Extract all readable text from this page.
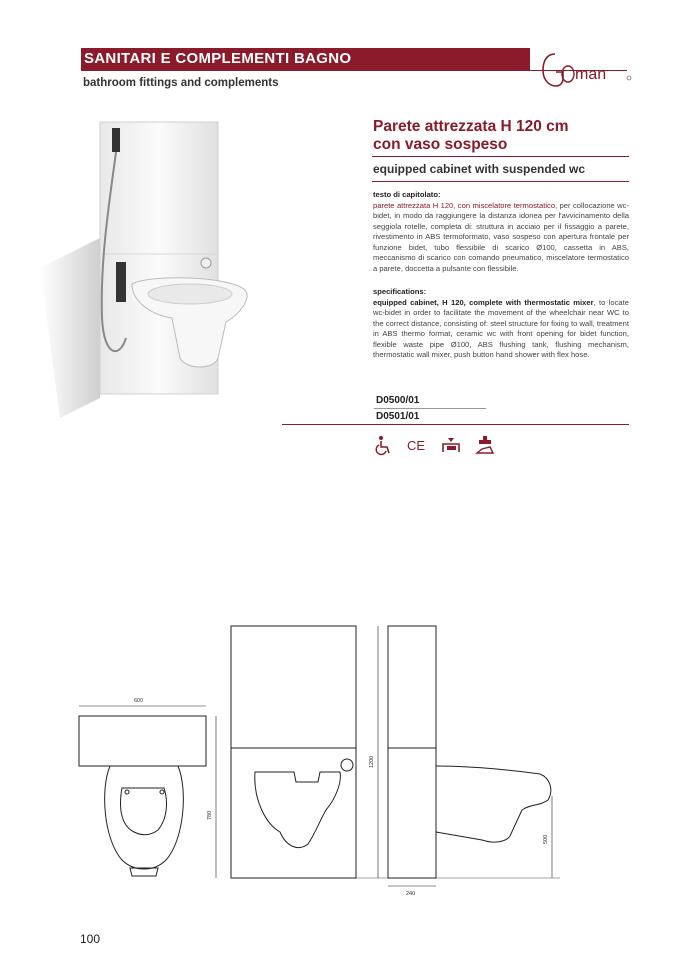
SANITARI E COMPLEMENTI BAGNO
bathroom fittings and complements	man
Parete attrezzata H 120 cm
con vaso sospeso
equipped cabinet with suspended wc
testo di capitolato:
parete attrezzata H 120, con miscelatore termostatico, per collocazione wc-bidet, in modo da raggiungere la distanza idonea per l'avvicinamento della seggiola rotelle, completa di: struttura in acciaio per il fissaggio a parete, rivestimento in ABS termoformato, vaso sospeso con apertura frontale per funzione bidet, tubo flessibile di scarico Ø100, cassetta in ABS, meccanismo di scarico con comando pneumatico, miscelatore termostatico a parete, doccetta a pulsante con flessibile.
specifications:
equipped cabinet, H 120, complete with thermostatic mixer, to locate wc-bidet in order to facilitate the movement of the wheelchair near WC to the correct distance, consisting of: steel structure for fixing to wall, treatment in ABS thermo format, ceramic wc with front opening for bidet function, flexible waste pipe Ø100, ABS flushing tank, flushing mechanism, thermostatic wall mixer, push button hand shower with flex hose.
D0500/01
D0501/01
CE
600
780
1200
240
500
100
